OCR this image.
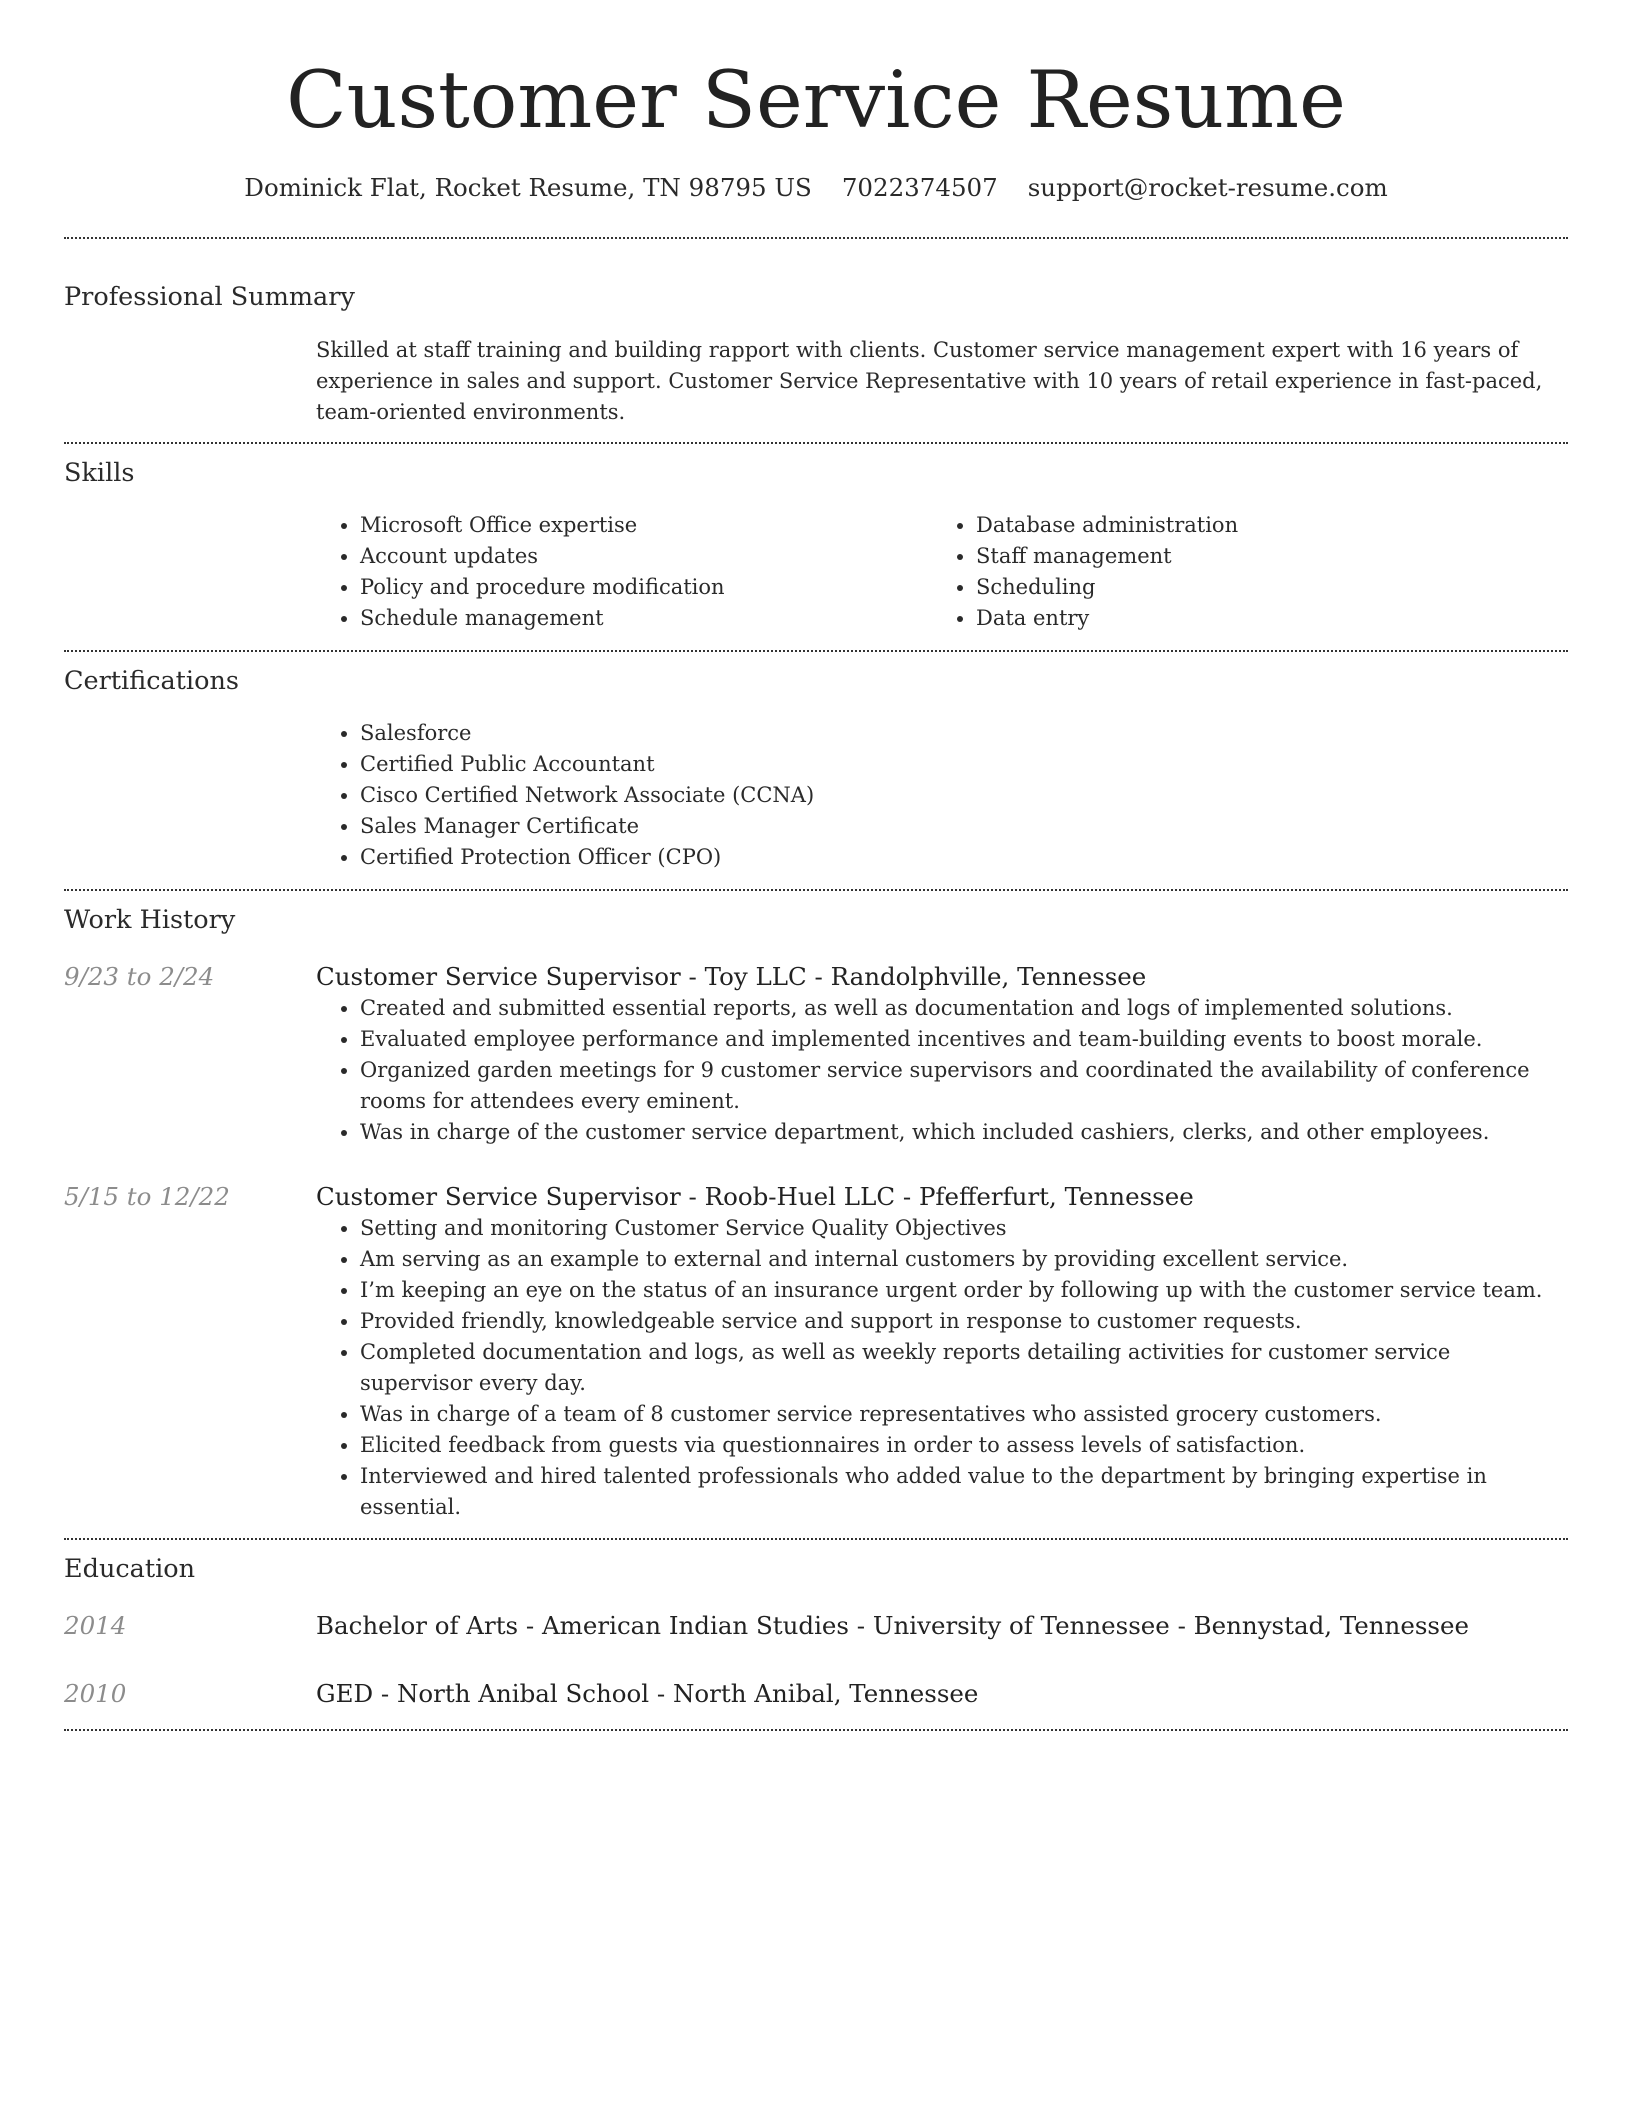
Customer Service Resume
Dominick Flat, Rocket Resume, TN 98795 US 7022374507 support@rocket-resume.com
Professional Summary
Skilled at staff training and building rapport with clients. Customer service management expert with 16 years of experience in sales and support. Customer Service Representative with 10 years of retail experience in fast-paced, team-oriented environments.
Skills
• Microsoft Office expertise
• Account updates
• Policy and procedure modification
• Schedule management
• Database administration
• Staff management
• Scheduling
• Data entry
Certifications
• Salesforce
• Certified Public Accountant
• Cisco Certified Network Associate (CCNA)
• Sales Manager Certificate
• Certified Protection Officer (CPO)
Work History
9/23 to 2/24	Customer Service Supervisor - Toy LLC - Randolphville, Tennessee
• Created and submitted essential reports, as well as documentation and logs of implemented solutions.
• Evaluated employee performance and implemented incentives and team-building events to boost morale.
• Organized garden meetings for 9 customer service supervisors and coordinated the availability of conference rooms for attendees every eminent.
• Was in charge of the customer service department, which included cashiers, clerks, and other employees.
5/15 to 12/22	Customer Service Supervisor - Roob-Huel LLC - Pfefferfurt, Tennessee
• Setting and monitoring Customer Service Quality Objectives
• Am serving as an example to external and internal customers by providing excellent service.
• I’m keeping an eye on the status of an insurance urgent order by following up with the customer service team.
• Provided friendly, knowledgeable service and support in response to customer requests.
• Completed documentation and logs, as well as weekly reports detailing activities for customer service supervisor every day.
• Was in charge of a team of 8 customer service representatives who assisted grocery customers.
• Elicited feedback from guests via questionnaires in order to assess levels of satisfaction.
• Interviewed and hired talented professionals who added value to the department by bringing expertise in essential.
Education
2014	Bachelor of Arts - American Indian Studies - University of Tennessee - Bennystad, Tennessee
2010	GED - North Anibal School - North Anibal, Tennessee
